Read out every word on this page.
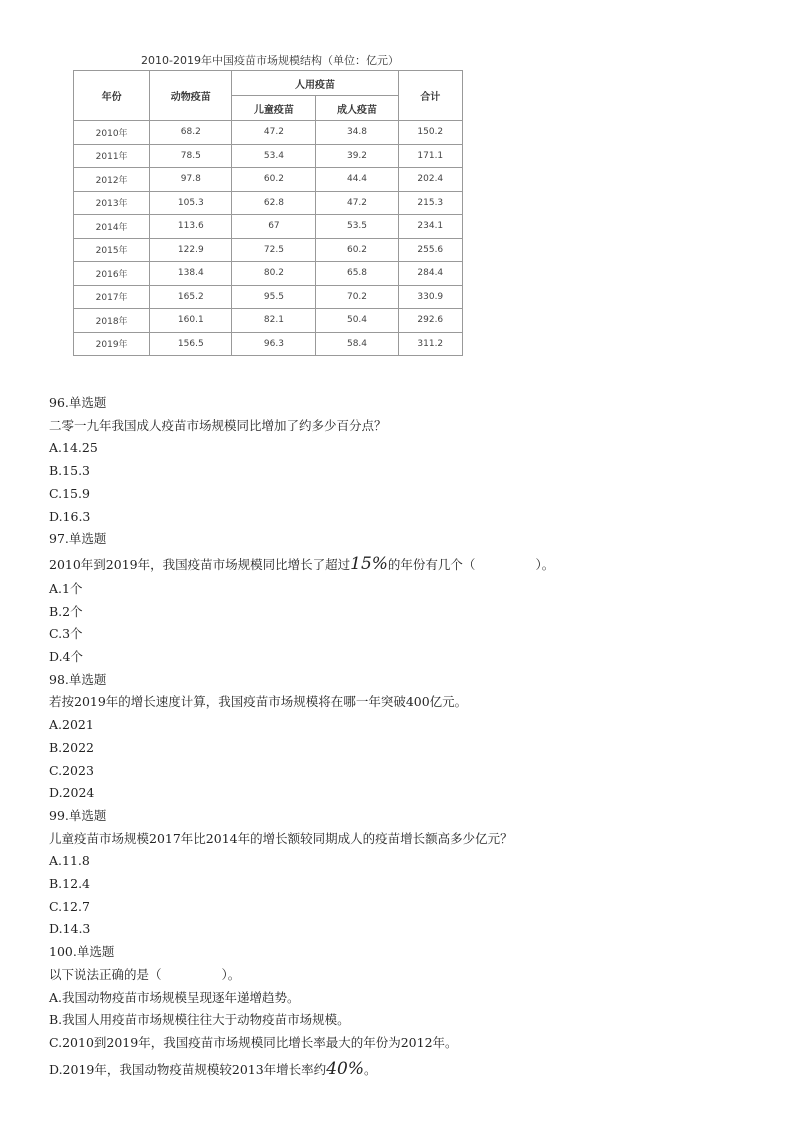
2010-2019年中国疫苗市场规模结构（单位：亿元）
年份	动物疫苗	人用疫苗		合计
		儿童疫苗	成人疫苗	
2010年	68.2	47.2	34.8	150.2
2011年	78.5	53.4	39.2	171.1
2012年	97.8	60.2	44.4	202.4
2013年	105.3	62.8	47.2	215.3
2014年	113.6	67	53.5	234.1
2015年	122.9	72.5	60.2	255.6
2016年	138.4	80.2	65.8	284.4
2017年	165.2	95.5	70.2	330.9
2018年	160.1	82.1	50.4	292.6
2019年	156.5	96.3	58.4	311.2
96.单选题
二零一九年我国成人疫苗市场规模同比增加了约多少百分点？
A.14.25
B.15.3
C.15.9
D.16.3
97.单选题
2010年到2019年，我国疫苗市场规模同比增长了超过15%的年份有几个（	）。
A.1个
B.2个
C.3个
D.4个
98.单选题
若按2019年的增长速度计算，我国疫苗市场规模将在哪一年突破400亿元。
A.2021
B.2022
C.2023
D.2024
99.单选题
儿童疫苗市场规模2017年比2014年的增长额较同期成人的疫苗增长额高多少亿元？
A.11.8
B.12.4
C.12.7
D.14.3
100.单选题
以下说法正确的是（	）。
A.我国动物疫苗市场规模呈现逐年递增趋势。
B.我国人用疫苗市场规模往往大于动物疫苗市场规模。
C.2010到2019年，我国疫苗市场规模同比增长率最大的年份为2012年。
D.2019年，我国动物疫苗规模较2013年增长率约40%。
